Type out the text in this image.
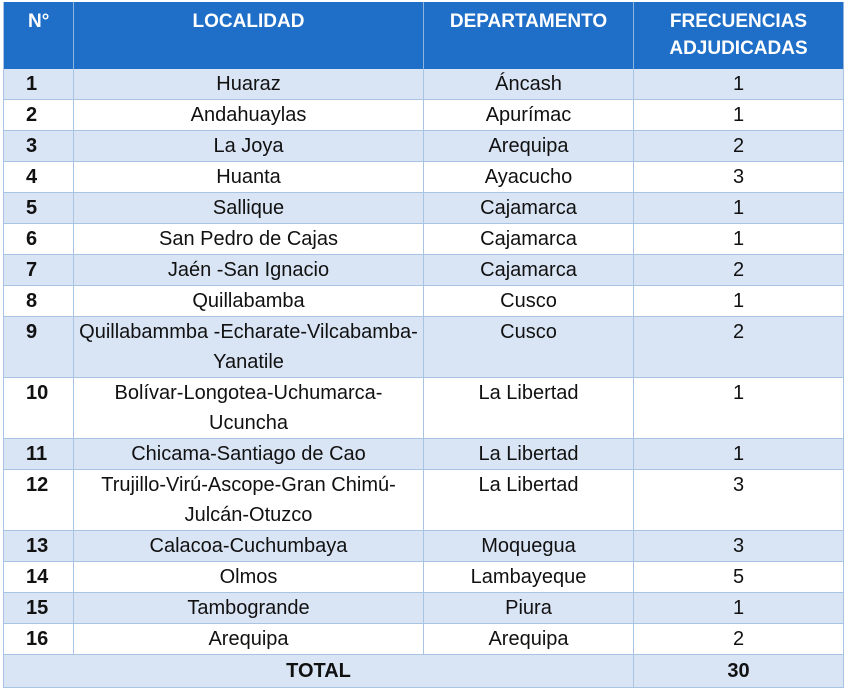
N°	LOCALIDAD	DEPARTAMENTO	FRECUENCIAS ADJUDICADAS
1	Huaraz	Áncash	1
2	Andahuaylas	Apurímac	1
3	La Joya	Arequipa	2
4	Huanta	Ayacucho	3
5	Sallique	Cajamarca	1
6	San Pedro de Cajas	Cajamarca	1
7	Jaén -San Ignacio	Cajamarca	2
8	Quillabamba	Cusco	1
9	Quillabammba -Echarate-Vilcabamba-Yanatile	Cusco	2
10	Bolívar-Longotea-Uchumarca-Ucuncha	La Libertad	1
11	Chicama-Santiago de Cao	La Libertad	1
12	Trujillo-Virú-Ascope-Gran Chimú-Julcán-Otuzco	La Libertad	3
13	Calacoa-Cuchumbaya	Moquegua	3
14	Olmos	Lambayeque	5
15	Tambogrande	Piura	1
16	Arequipa	Arequipa	2
TOTAL			30
